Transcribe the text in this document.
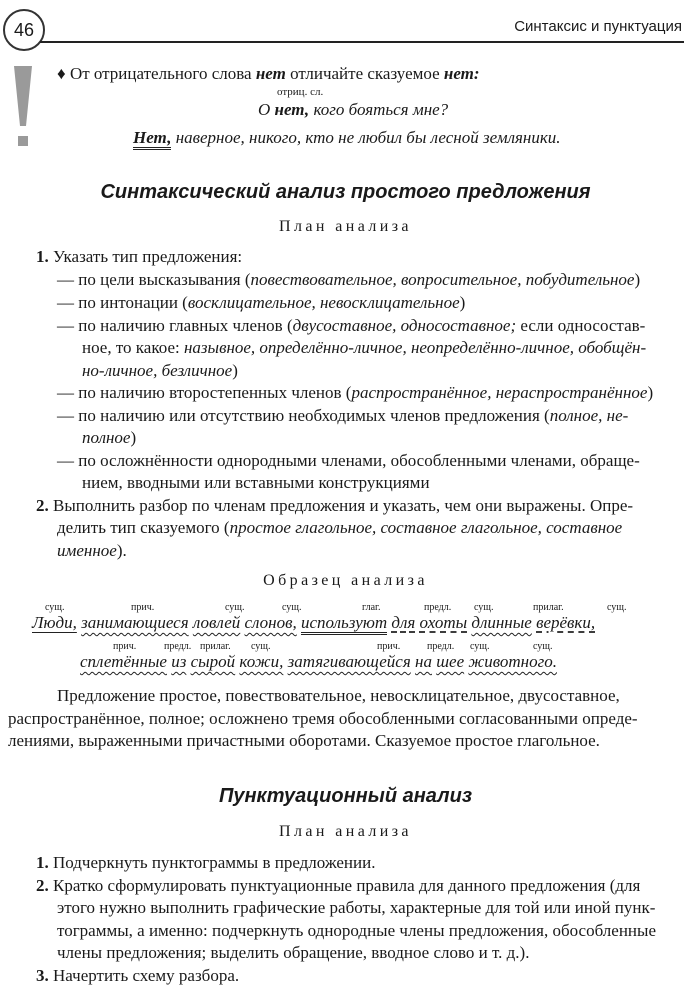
46	Синтаксис и пунктуация
♦ От отрицательного слова нет отличайте сказуемое нет:
отриц. сл.
О нет, кого бояться мне?
Нет, наверное, никого, кто не любил бы лесной земляники.
Синтаксический анализ простого предложения
План анализа
1. Указать тип предложения:
— по цели высказывания (повествовательное, вопросительное, побудительное)
— по интонации (восклицательное, невосклицательное)
— по наличию главных членов (двусоставное, односоставное; если односостав-
ное, то какое: назывное, определённо-личное, неопределённо-личное, обобщён-
но-личное, безличное)
— по наличию второстепенных членов (распространённое, нераспространённое)
— по наличию или отсутствию необходимых членов предложения (полное, не-
полное)
— по осложнённости однородными членами, обособленными членами, обраще-
нием, вводными или вставными конструкциями
2. Выполнить разбор по членам предложения и указать, чем они выражены. Опре-
делить тип сказуемого (простое глагольное, составное глагольное, составное
именное).
Образец анализа
сущ.	прич.	сущ.	сущ.	глаг.	предл. сущ.	прилаг.	сущ.
Люди, занимающиеся ловлей слонов, используют для охоты длинные верёвки,
прич.	предл. прилаг. сущ.	прич.	предл. сущ.	сущ.
сплетённые из сырой кожи, затягивающейся на шее животного.
Предложение простое, повествовательное, невосклицательное, двусоставное,
распространённое, полное; осложнено тремя обособленными согласованными опреде-
лениями, выраженными причастными оборотами. Сказуемое простое глагольное.
Пунктуационный анализ
План анализа
1. Подчеркнуть пунктограммы в предложении.
2. Кратко сформулировать пунктуационные правила для данного предложения (для
этого нужно выполнить графические работы, характерные для той или иной пунк-
тограммы, а именно: подчеркнуть однородные члены предложения, обособленные
члены предложения; выделить обращение, вводное слово и т. д.).
3. Начертить схему разбора.
